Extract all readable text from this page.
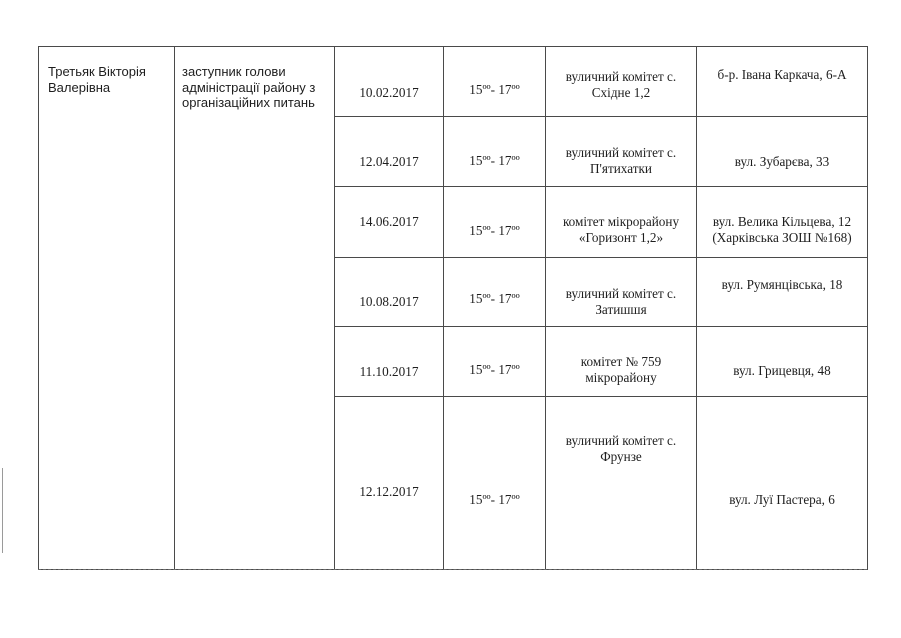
Третьяк Вікторія Валерівна	заступник голови адміністрації району з організаційних питань	10.02.2017	15ºº- 17ºº	вуличний комітет с. Східне 1,2	б-р. Івана Каркача, 6-А

		12.04.2017	15ºº- 17ºº	вуличний комітет с. П'ятихатки	вул. Зубарєва, 33

		14.06.2017	15ºº- 17ºº	комітет мікрорайону «Горизонт 1,2»	вул. Велика Кільцева, 12 (Харківська ЗОШ №168)

		10.08.2017	15ºº- 17ºº	вуличний комітет с. Затишшя	вул. Румянцівська, 18

		11.10.2017	15ºº- 17ºº	комітет № 759 мікрорайону	вул. Грицевця, 48

		12.12.2017	15ºº- 17ºº	вуличний комітет с. Фрунзе	вул. Луї Пастера, 6
